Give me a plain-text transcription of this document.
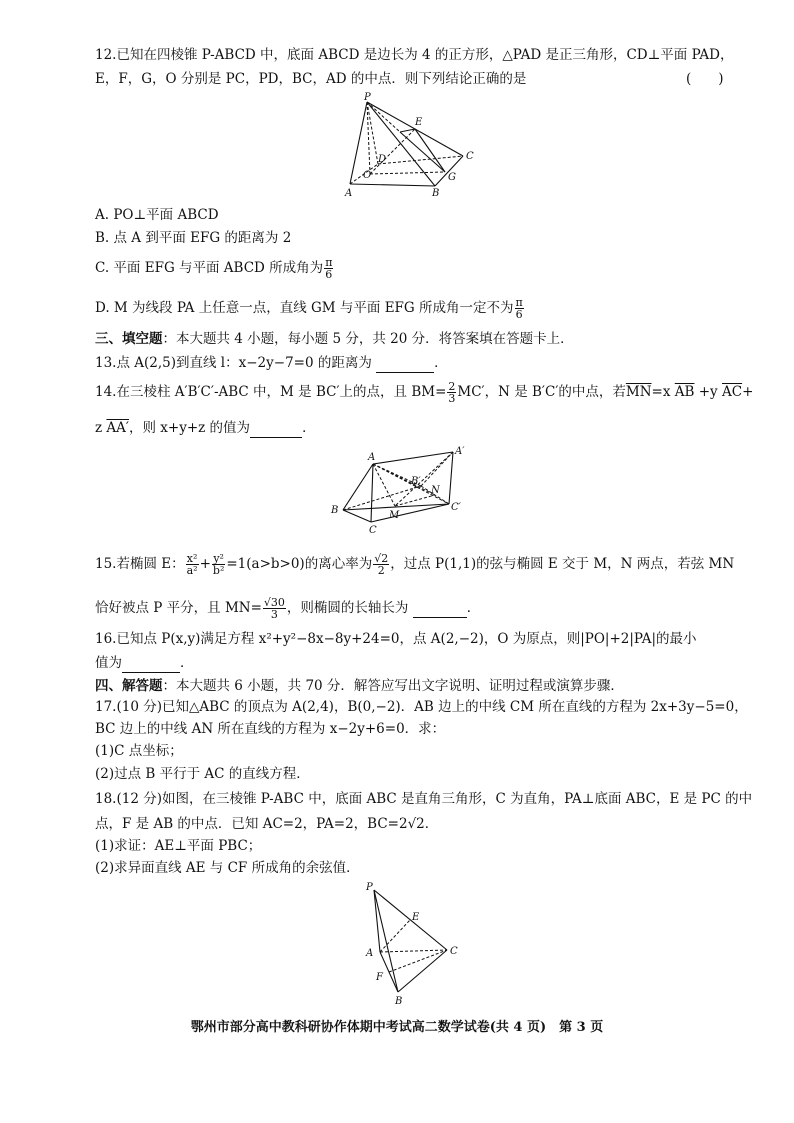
12.已知在四棱锥 P-ABCD 中，底面 ABCD 是边长为 4 的正方形，△PAD 是正三角形，CD⊥平面 PAD，
E，F，G，O 分别是 PC，PD，BC，AD 的中点．则下列结论正确的是	(　　)
P
E
D
O
C
G
A	B
A. PO⊥平面 ABCD
B. 点 A 到平面 EFG 的距离为 2
C. 平面 EFG 与平面 ABCD 所成角为 $\frac{\pi}{6}$
D. M 为线段 PA 上任意一点，直线 GM 与平面 EFG 所成角一定不为 $\frac{\pi}{6}$
三、填空题：本大题共 4 小题，每小题 5 分，共 20 分．将答案填在答题卡上．
13.点 A(2,5)到直线 l：x−2y−7=0 的距离为	．
14.在三棱柱 A′B′C′-ABC 中，M 是 BC′上的点，且 $BM= \frac{2}{3} MC'$，N 是 B′C′的中点，若$\overline{MN}=x$ $\overline{AB} +y$ $\overline{AC}+$
z AA′，则 x+y+z 的值为	．
A
A′
B
B′
N
M
C
C′
15.若椭圆 E： $\frac{\text{x²}}{\text{a²}} + \frac{\text{y²}}{\text{b²}} =1(a>b>0)$的离心率为 $\frac{√2}{2}$ ，过点 P(1,1)的弦与椭圆 E 交于 M，N 两点，若弦 MN
恰好被点 P 平分，且 $MN= \frac{√30}{3}$ ，则椭圆的长轴长为	．
16.已知点 P(x,y)满足方程 x²+y²−8x−8y+24=0，点 A(2,−2)，O 为原点，则|PO|+2|PA|的最小
值为	．
四、解答题：本大题共 6 小题，共 70 分．解答应写出文字说明、证明过程或演算步骤．
17.(10 分)已知△ABC 的顶点为 A(2,4)，B(0,−2)．AB 边上的中线 CM 所在直线的方程为 2x+3y−5=0，
BC 边上的中线 AN 所在直线的方程为 x−2y+6=0．求：
(1)C 点坐标；
(2)过点 B 平行于 AC 的直线方程．
18.(12 分)如图，在三棱锥 P-ABC 中，底面 ABC 是直角三角形，C 为直角，PA⊥底面 ABC，E 是 PC 的中
点，F 是 AB 的中点．已知 AC=2，PA=2，BC=2√2．
(1)求证：AE⊥平面 PBC；
(2)求异面直线 AE 与 CF 所成角的余弦值．
P
E
A	C
F
B
鄂州市部分高中教科研协作体期中考试高二数学试卷(共 4 页)　第 3 页
